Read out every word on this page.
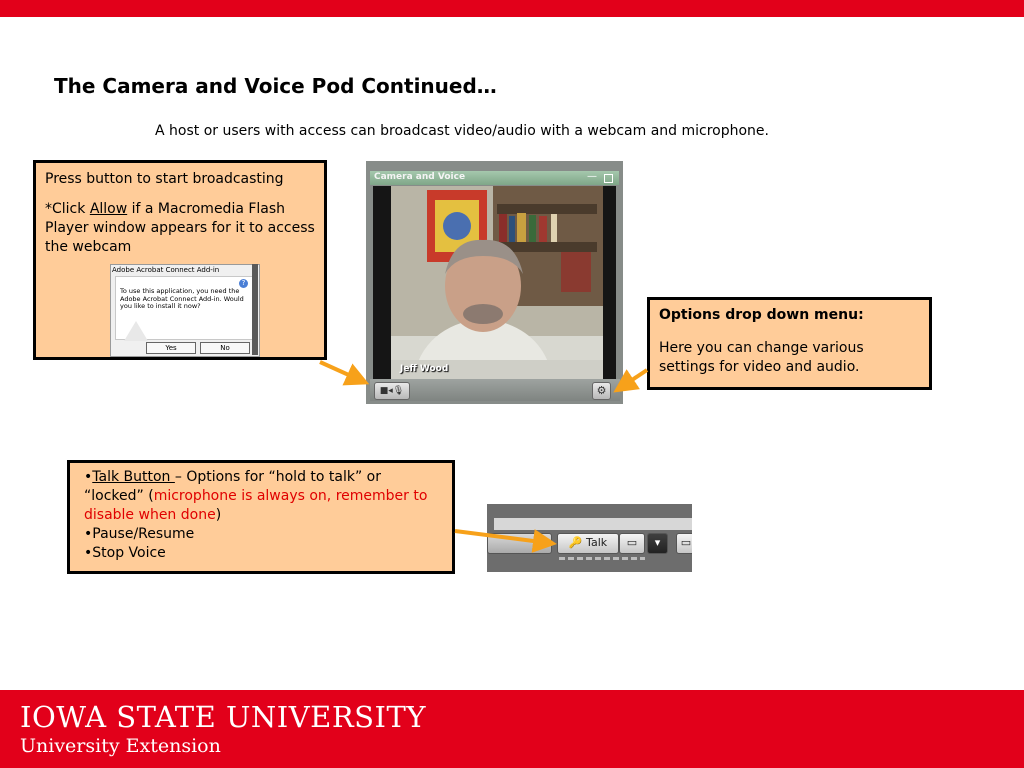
The Camera and Voice Pod Continued…
A host or users with access can broadcast video/audio with a webcam and microphone.

Press button to start broadcasting

*Click Allow if a Macromedia Flash Player window appears for it to access the webcam

Adobe Acrobat Connect Add-in
?
To use this application, you need the Adobe Acrobat Connect Add-in. Would you like to install it now?
Yes	No
Camera and Voice	—
Jeff Wood
■◂🎙	⚙

Options drop down menu:

Here you can change various settings for video and audio.

•Talk Button – Options for “hold to talk” or “locked” (microphone is always on, remember to disable when done)
•Pause/Resume
•Stop Voice
🔑 Talk	▭	▾	▭
IOWA STATE UNIVERSITY
University Extension
